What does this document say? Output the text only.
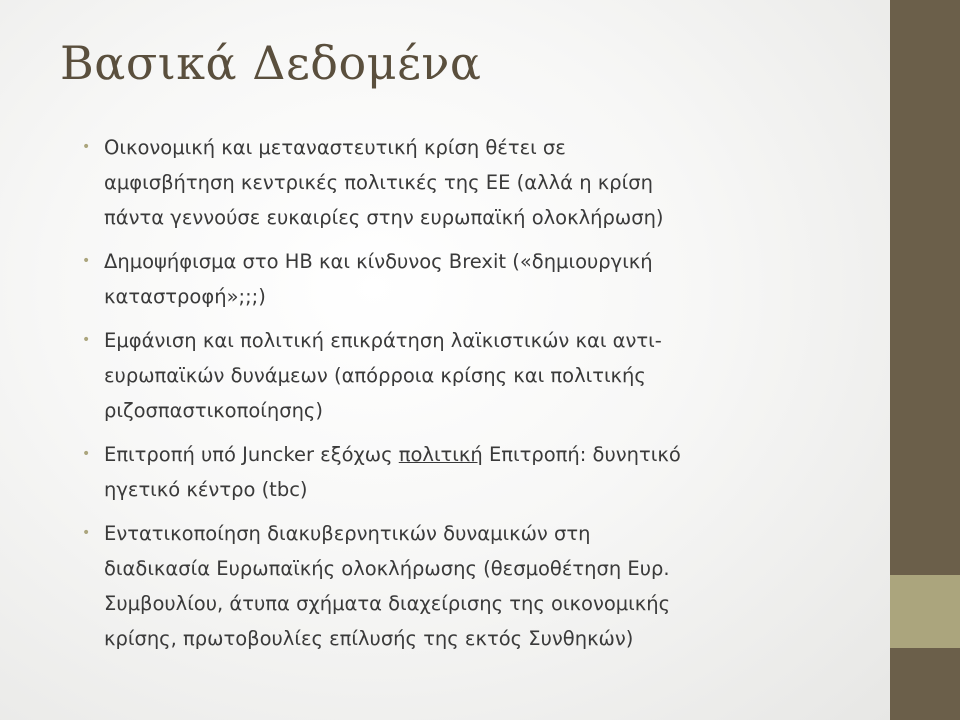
Βασικά Δεδομένα
• Οικονομική και μεταναστευτική κρίση θέτει σε
αμφισβήτηση κεντρικές πολιτικές της ΕΕ (αλλά η κρίση
πάντα γεννούσε ευκαιρίες στην ευρωπαϊκή ολοκλήρωση)
• Δημοψήφισμα στο ΗΒ και κίνδυνος Brexit («δημιουργική
καταστροφή»;;;)
• Εμφάνιση και πολιτική επικράτηση λαϊκιστικών και αντι-
ευρωπαϊκών δυνάμεων (απόρροια κρίσης και πολιτικής
ριζοσπαστικοποίησης)
• Επιτροπή υπό Juncker εξόχως πολιτική Επιτροπή: δυνητικό
ηγετικό κέντρο (tbc)
• Εντατικοποίηση διακυβερνητικών δυναμικών στη
διαδικασία Ευρωπαϊκής ολοκλήρωσης (θεσμοθέτηση Ευρ.
Συμβουλίου, άτυπα σχήματα διαχείρισης της οικονομικής
κρίσης, πρωτοβουλίες επίλυσής της εκτός Συνθηκών)
